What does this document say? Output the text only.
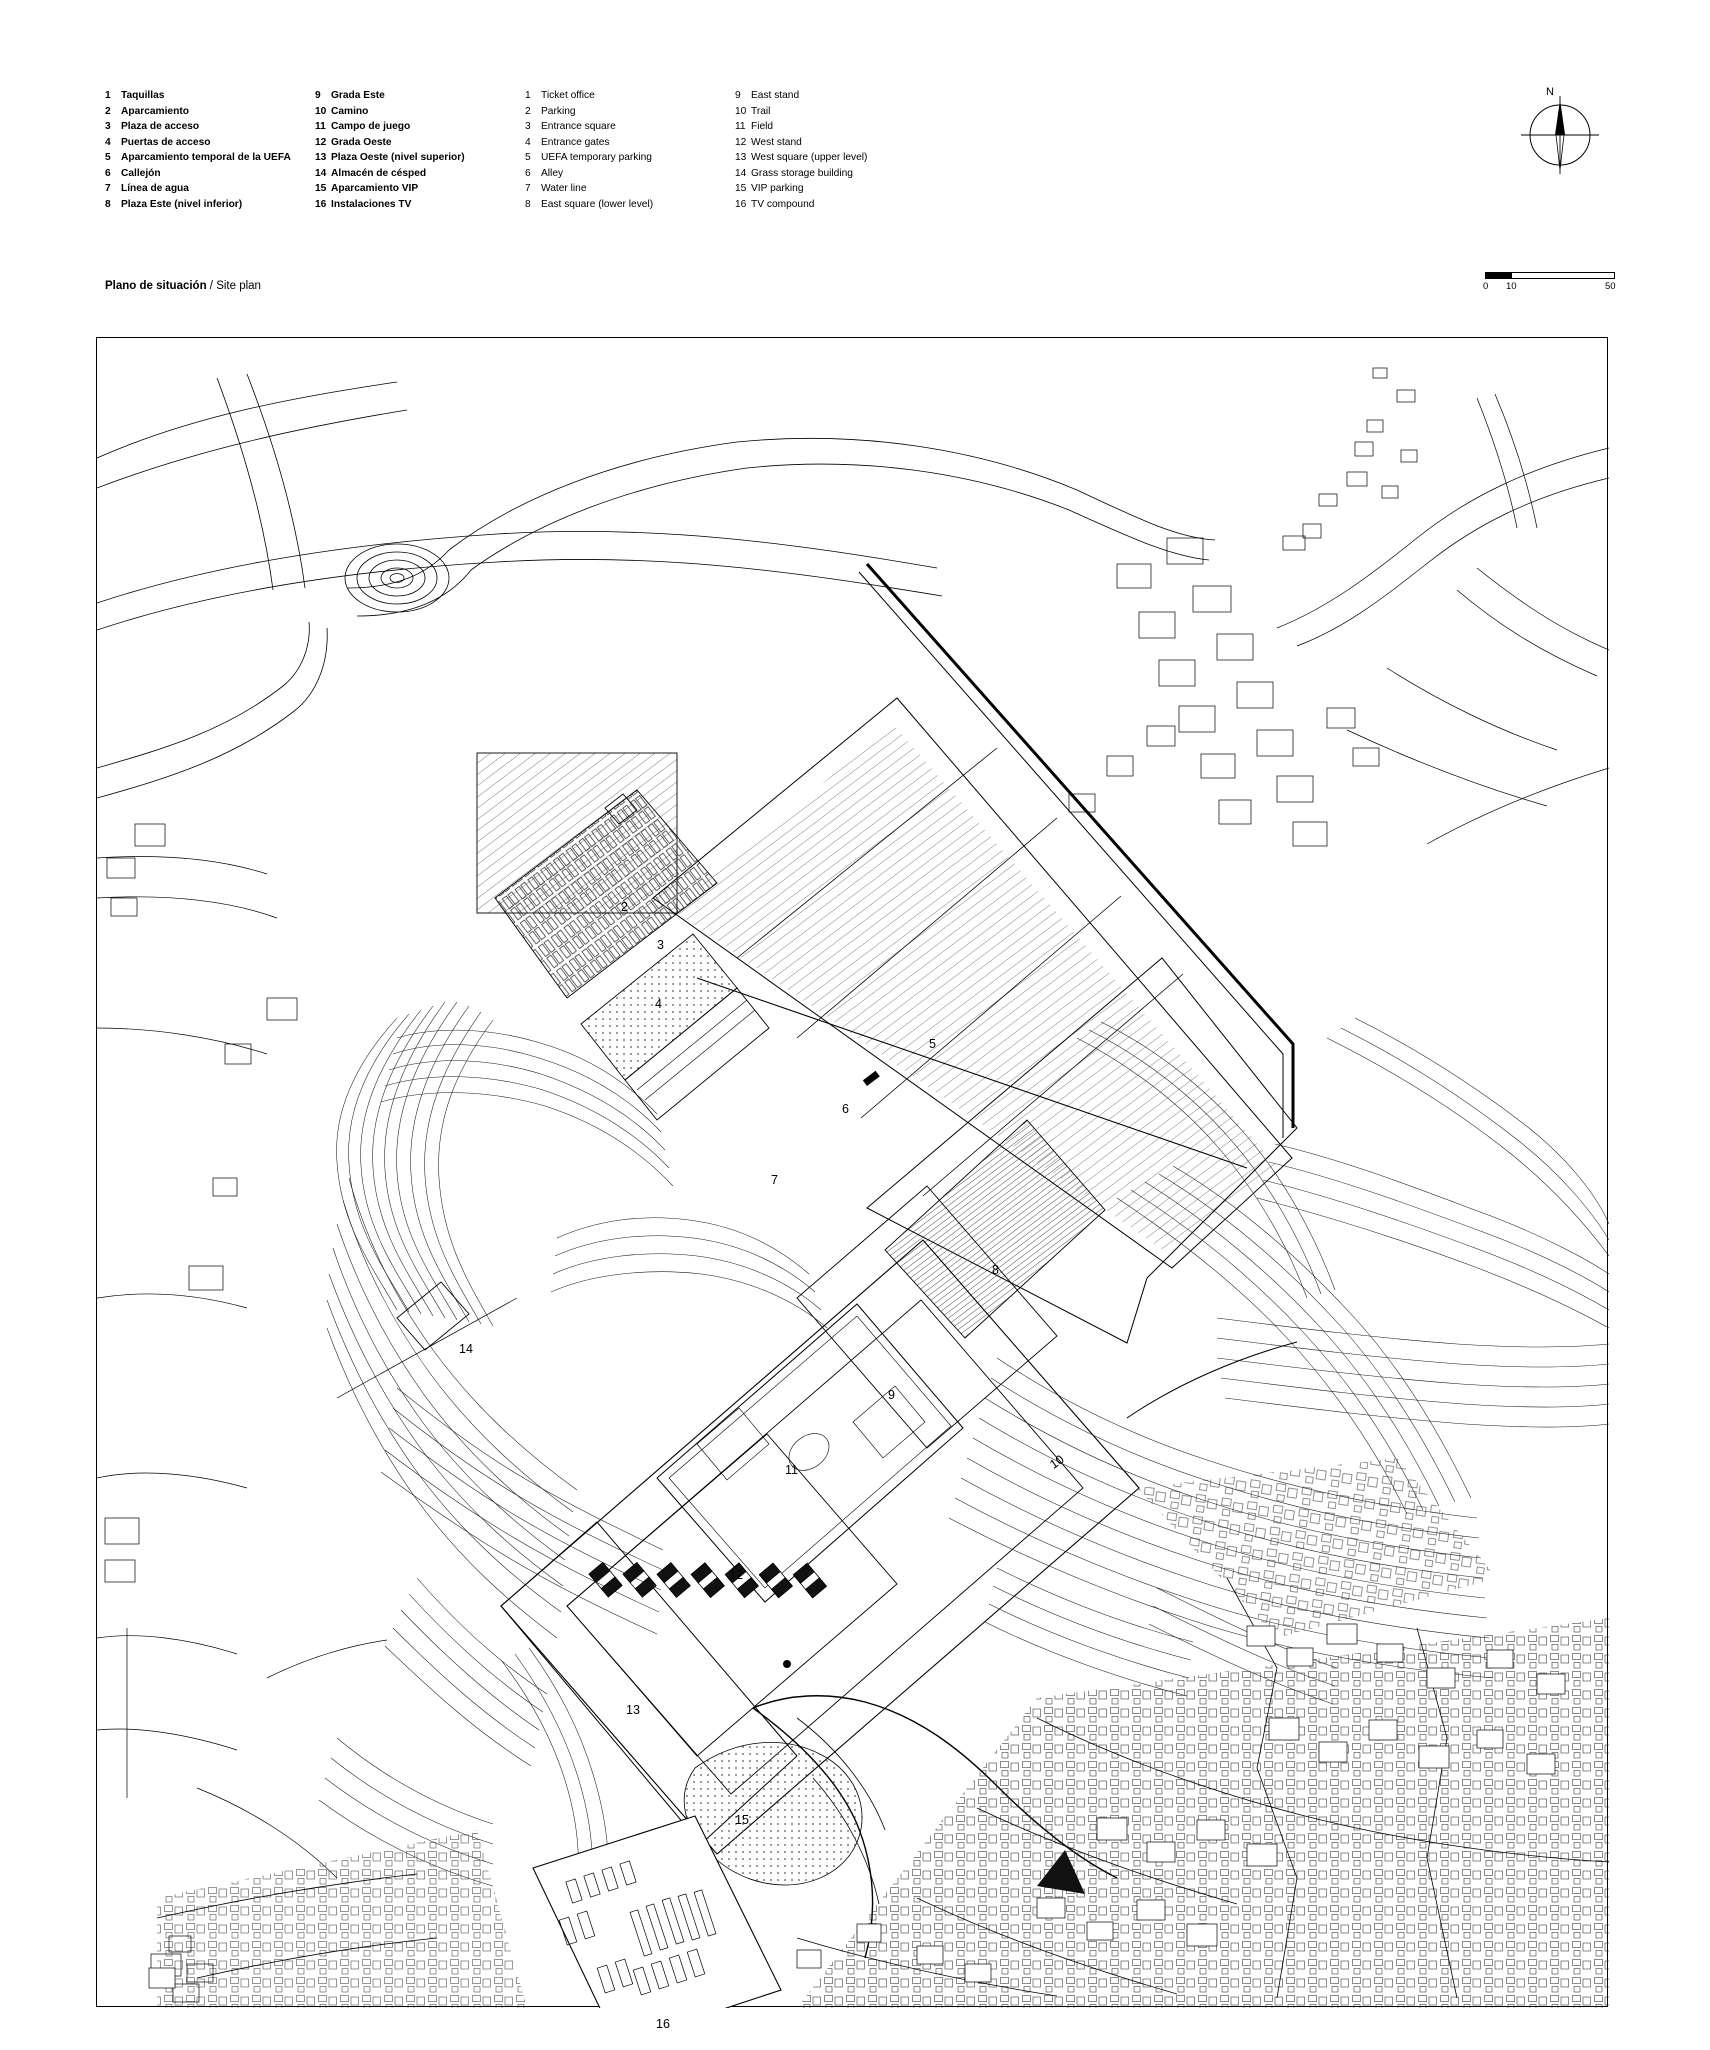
1	Taquillas
2	Aparcamiento
3	Plaza de acceso
4	Puertas de acceso
5	Aparcamiento temporal de la UEFA
6	Callejón
7	Línea de agua
8	Plaza Este (nivel inferior)
9	Grada Este
10 Camino
11 Campo de juego
12 Grada Oeste
13 Plaza Oeste (nivel superior)
14 Almacén de césped
15 Aparcamiento VIP
16 Instalaciones TV
1	Ticket office
2	Parking
3	Entrance square
4	Entrance gates
5	UEFA temporary parking
6	Alley
7	Water line
8	East square (lower level)
9	East stand
10 Trail
11 Field
12 West stand
13 West square (upper level)
14 Grass storage building
15 VIP parking
16 TV compound
N
Plano de situación / Site plan	0 10	50
2
3
4
5
6
7
8
9
10
11
12
13
14
15
16
